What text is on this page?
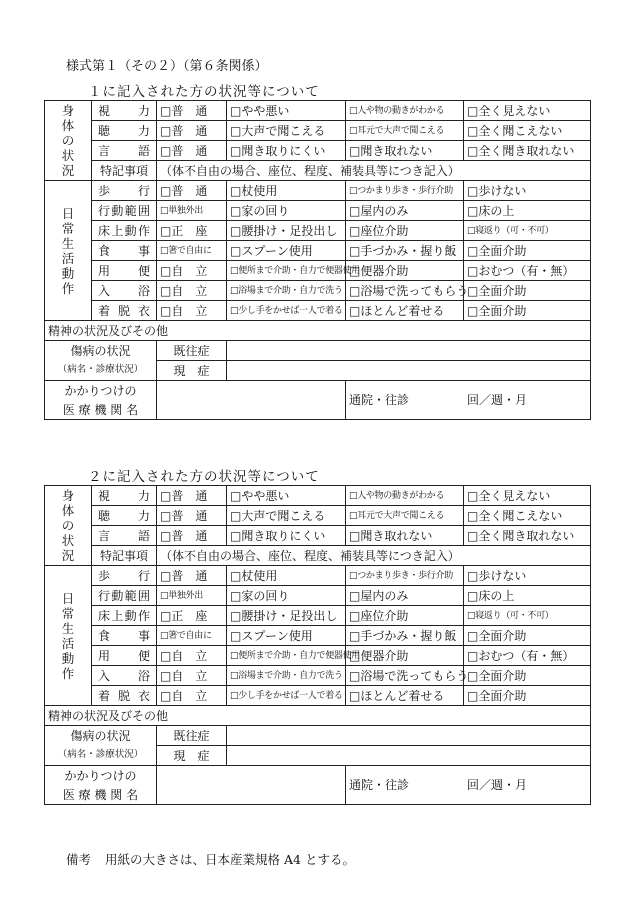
様式第１（その２）（第６条関係）
１に記入された方の状況等について
２に記入された方の状況等について
備考 用紙の大きさは、日本産業規格 A4 とする。
身体の状況	視　　力	□普　通	□やや悪い	□人や物の動きがわかる	□全く見えない
	聴　　力	□普　通	□大声で聞こえる	□耳元で大声で聞こえる	□全く聞こえない
	言　　語	□普　通	□聞き取りにくい	□聞き取れない	□全く聞き取れない
	特記事項	（体不自由の場合、座位、程度、補装具等につき記入）			

日常生活動作	歩　　行	□普　通	□杖使用	□つかまり歩き・歩行介助	□歩けない
	行動範囲	□単独外出	□家の回り	□屋内のみ	□床の上
	床上動作	□正　座	□腰掛け・足投出し	□座位介助	□寝返り（可・不可）
	食　　事	□箸で自由に	□スプーン使用	□手づかみ・握り飯	□全面介助
	用　　便	□自　立	□便所まで介助・自力で便器使用	□便器介助	□おむつ（有・無）
	入　　浴	□自　立	□浴場まで介助・自力で洗う	□浴場で洗ってもらう	□全面介助
	着 脱 衣	□自　立	□少し手をかせば一人で着る	□ほとんど着せる	□全面介助
精神の状況及びその他					
傷病の状況		既往症			
（病名・診療状況）		現　症			
かかりつけの				通院・往診 回／週・月	
医 療 機 関 名					
身体の状況	視　　力	□普　通	□やや悪い	□人や物の動きがわかる	□全く見えない
	聴　　力	□普　通	□大声で聞こえる	□耳元で大声で聞こえる	□全く聞こえない
	言　　語	□普　通	□聞き取りにくい	□聞き取れない	□全く聞き取れない
	特記事項	（体不自由の場合、座位、程度、補装具等につき記入）			

日常生活動作	歩　　行	□普　通	□杖使用	□つかまり歩き・歩行介助	□歩けない
	行動範囲	□単独外出	□家の回り	□屋内のみ	□床の上
	床上動作	□正　座	□腰掛け・足投出し	□座位介助	□寝返り（可・不可）
	食　　事	□箸で自由に	□スプーン使用	□手づかみ・握り飯	□全面介助
	用　　便	□自　立	□便所まで介助・自力で便器使用	□便器介助	□おむつ（有・無）
	入　　浴	□自　立	□浴場まで介助・自力で洗う	□浴場で洗ってもらう	□全面介助
	着 脱 衣	□自　立	□少し手をかせば一人で着る	□ほとんど着せる	□全面介助
精神の状況及びその他					
傷病の状況		既往症			
（病名・診療状況）		現　症			
かかりつけの				通院・往診 回／週・月	
医 療 機 関 名					
